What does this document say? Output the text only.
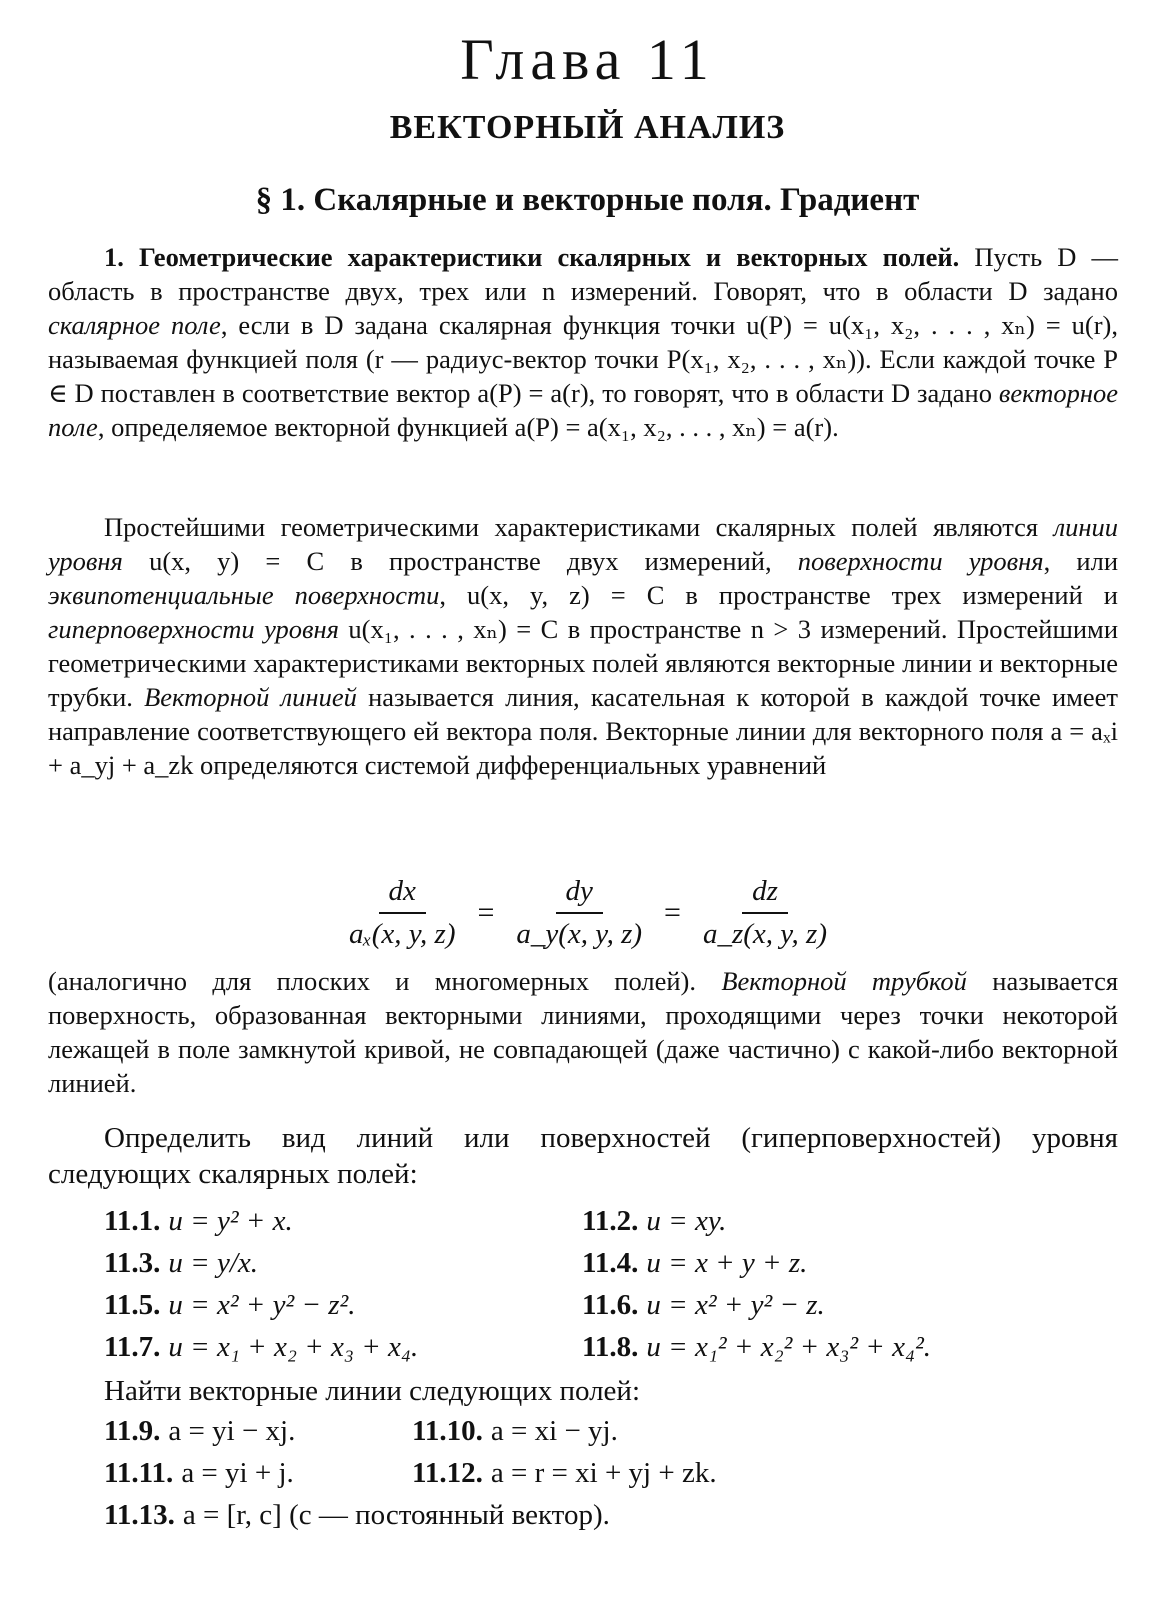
Глава 11
ВЕКТОРНЫЙ АНАЛИЗ
§ 1. Скалярные и векторные поля. Градиент
1. Геометрические характеристики скалярных и векторных полей. Пусть D — область в пространстве двух, трех или n измерений. Говорят, что в области D задано скалярное поле, если в D задана скалярная функция точки u(P) = u(x₁, x₂, . . . , xₙ) = u(r), называемая функцией поля (r — радиус-вектор точки P(x₁, x₂, . . . , xₙ)). Если каждой точке P ∈ D поставлен в соответствие вектор a(P) = a(r), то говорят, что в области D задано векторное поле, определяемое векторной функцией a(P) = a(x₁, x₂, . . . , xₙ) = a(r).
Простейшими геометрическими характеристиками скалярных полей являются линии уровня u(x, y) = C в пространстве двух измерений, поверхности уровня, или эквипотенциальные поверхности, u(x, y, z) = C в пространстве трех измерений и гиперповерхности уровня u(x₁, . . . , xₙ) = C в пространстве n > 3 измерений. Простейшими геометрическими характеристиками векторных полей являются векторные линии и векторные трубки. Векторной линией называется линия, касательная к которой в каждой точке имеет направление соответствующего ей вектора поля. Векторные линии для векторного поля a = aₓi + a_yj + a_zk определяются системой дифференциальных уравнений
$\frac{dx}{\text{aₓ(x, y, z)}} = \frac{dy}{a\_y(x, y, z)} = \frac{dz}{a\_z(x, y, z)}$
(аналогично для плоских и многомерных полей). Векторной трубкой называется поверхность, образованная векторными линиями, проходящими через точки некоторой лежащей в поле замкнутой кривой, не совпадающей (даже частично) с какой-либо векторной линией.
Определить вид линий или поверхностей (гиперповерхностей) уровня следующих скалярных полей:
11.1. u = y² + x.	11.2. u = xy.
11.3. u = y/x.	11.4. u = x + y + z.
11.5. u = x² + y² − z².	11.6. u = x² + y² − z.
11.7. u = x₁ + x₂ + x₃ + x₄.	11.8. u = x₁² + x₂² + x₃² + x₄².
Найти векторные линии следующих полей:
11.9. a = yi − xj.	11.10. a = xi − yj.
11.11. a = yi + j.	11.12. a = r = xi + yj + zk.
11.13. a = [r, c] (c — постоянный вектор).
